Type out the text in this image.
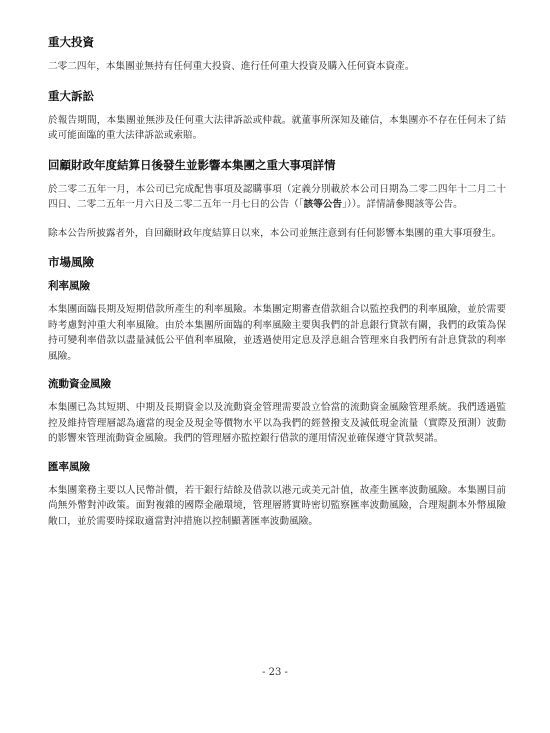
重大投資

二零二四年，本集團並無持有任何重大投資、進行任何重大投資及購入任何資本資產。

重大訴訟

於報告期間，本集團並無涉及任何重大法律訴訟或仲裁。就董事所深知及確信，本集團亦不存在任何未了結或可能面臨的重大法律訴訟或索賠。

回顧財政年度結算日後發生並影響本集團之重大事項詳情

於二零二五年一月，本公司已完成配售事項及認購事項（定義分別載於本公司日期為二零二四年十二月二十四日、二零二五年一月六日及二零二五年一月七日的公告（「該等公告」））。詳情請參閱該等公告。

除本公告所披露者外，自回顧財政年度結算日以來，本公司並無注意到有任何影響本集團的重大事項發生。

市場風險
利率風險

本集團面臨長期及短期借款所產生的利率風險。本集團定期審查借款組合以監控我們的利率風險，並於需要時考慮對沖重大利率風險。由於本集團所面臨的利率風險主要與我們的計息銀行貸款有關，我們的政策為保持可變利率借款以盡量減低公平值利率風險，並透過使用定息及浮息組合管理來自我們所有計息貸款的利率風險。

流動資金風險

本集團已為其短期、中期及長期資金以及流動資金管理需要設立恰當的流動資金風險管理系統。我們透過監控及維持管理層認為適當的現金及現金等價物水平以為我們的經營撥支及減低現金流量（實際及預測）波動的影響來管理流動資金風險。我們的管理層亦監控銀行借款的運用情況並確保遵守貸款契諾。

匯率風險

本集團業務主要以人民幣計價，若干銀行結餘及借款以港元或美元計值，故產生匯率波動風險。本集團目前尚無外幣對沖政策。面對複雜的國際金融環境，管理層將實時密切監察匯率波動風險，合理規劃本外幣風險敞口，並於需要時採取適當對沖措施以控制顯著匯率波動風險。

- 23 -
